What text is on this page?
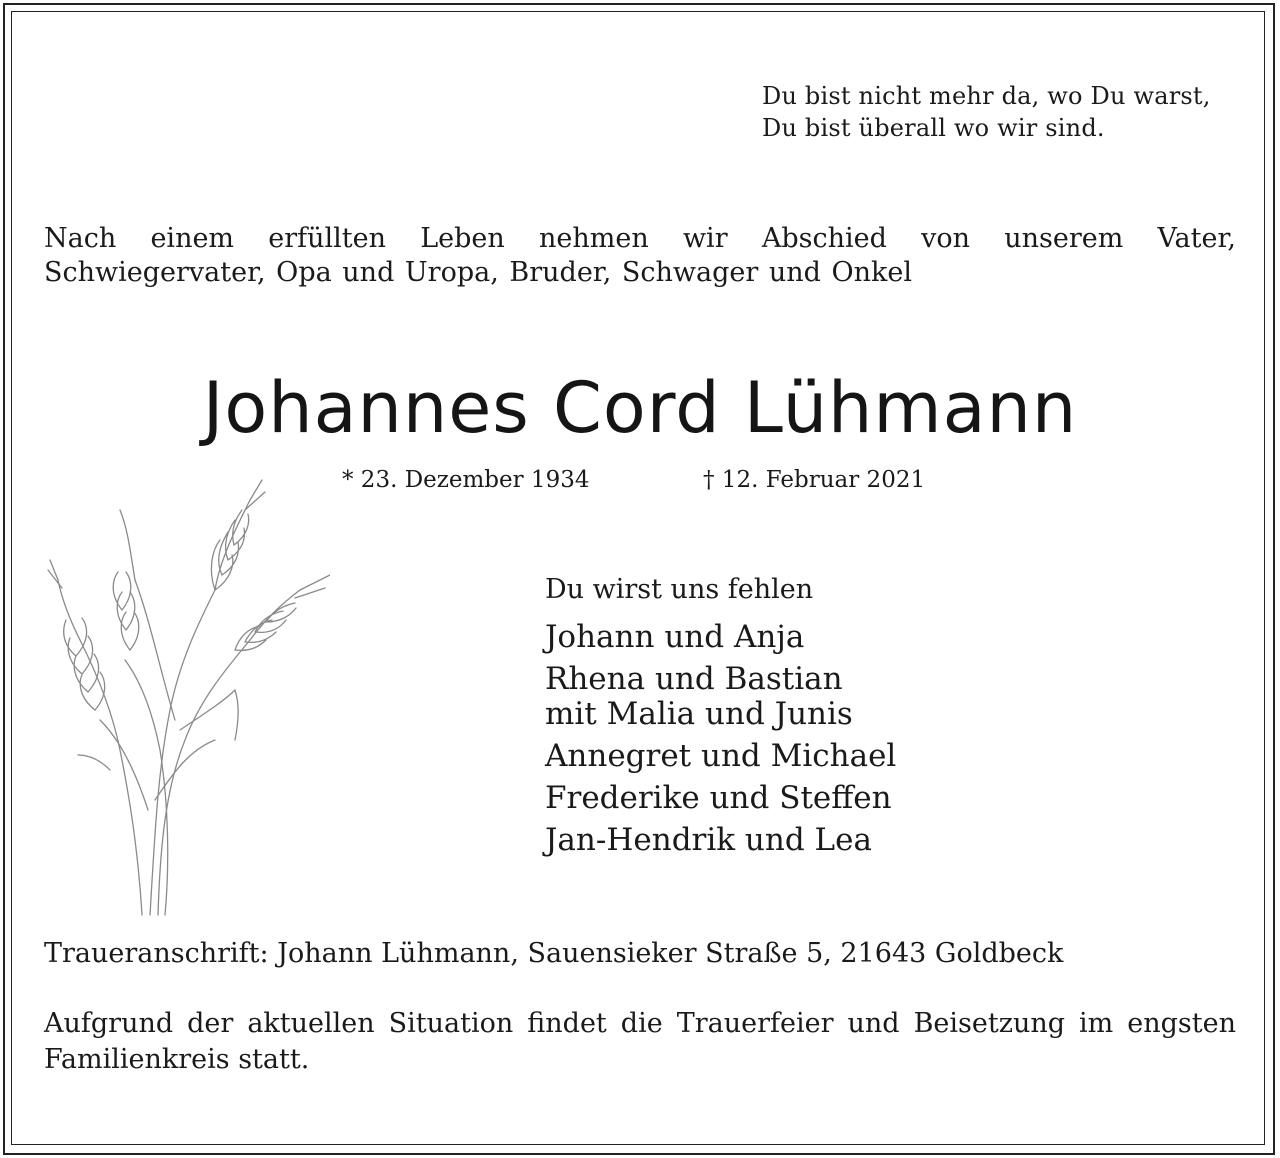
Du bist nicht mehr da, wo Du warst,
Du bist überall wo wir sind.
Nach einem erfüllten Leben nehmen wir Abschied von unserem Vater, Schwiegervater, Opa und Uropa, Bruder, Schwager und Onkel
Johannes Cord Lühmann
* 23. Dezember 1934	† 12. Februar 2021
Du wirst uns fehlen
Johann und Anja
Rhena und Bastian
mit Malia und Junis
Annegret und Michael
Frederike und Steffen
Jan-Hendrik und Lea
Traueranschrift: Johann Lühmann, Sauensieker Straße 5, 21643 Goldbeck
Aufgrund der aktuellen Situation findet die Trauerfeier und Beisetzung im engsten Familienkreis statt.
